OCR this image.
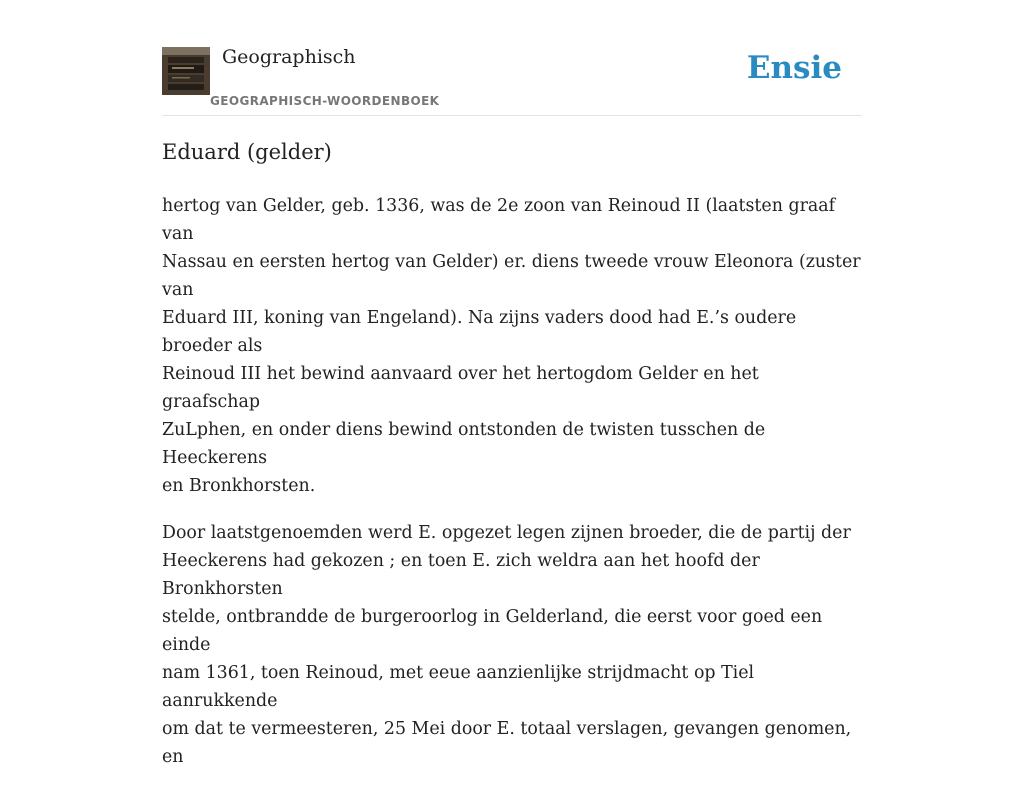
Geographisch
GEOGRAPHISCH-WOORDENBOEK
Ensie
Eduard (gelder)

hertog van Gelder, geb. 1336, was de 2e zoon van Reinoud II (laatsten graaf van
Nassau en eersten hertog van Gelder) er. diens tweede vrouw Eleonora (zuster van
Eduard III, koning van Engeland). Na zijns vaders dood had E.’s oudere broeder als
Reinoud III het bewind aanvaard over het hertogdom Gelder en het graafschap
ZuLphen, en onder diens bewind ontstonden de twisten tusschen de Heeckerens
en Bronkhorsten.

Door laatstgenoemden werd E. opgezet legen zijnen broeder, die de partij der
Heeckerens had gekozen ; en toen E. zich weldra aan het hoofd der Bronkhorsten
stelde, ontbrandde de burgeroorlog in Gelderland, die eerst voor goed een einde
nam 1361, toen Reinoud, met eeue aanzienlijke strijdmacht op Tiel aanrukkende
om dat te vermeesteren, 25 Mei door E. totaal verslagen, gevangen genomen, en
